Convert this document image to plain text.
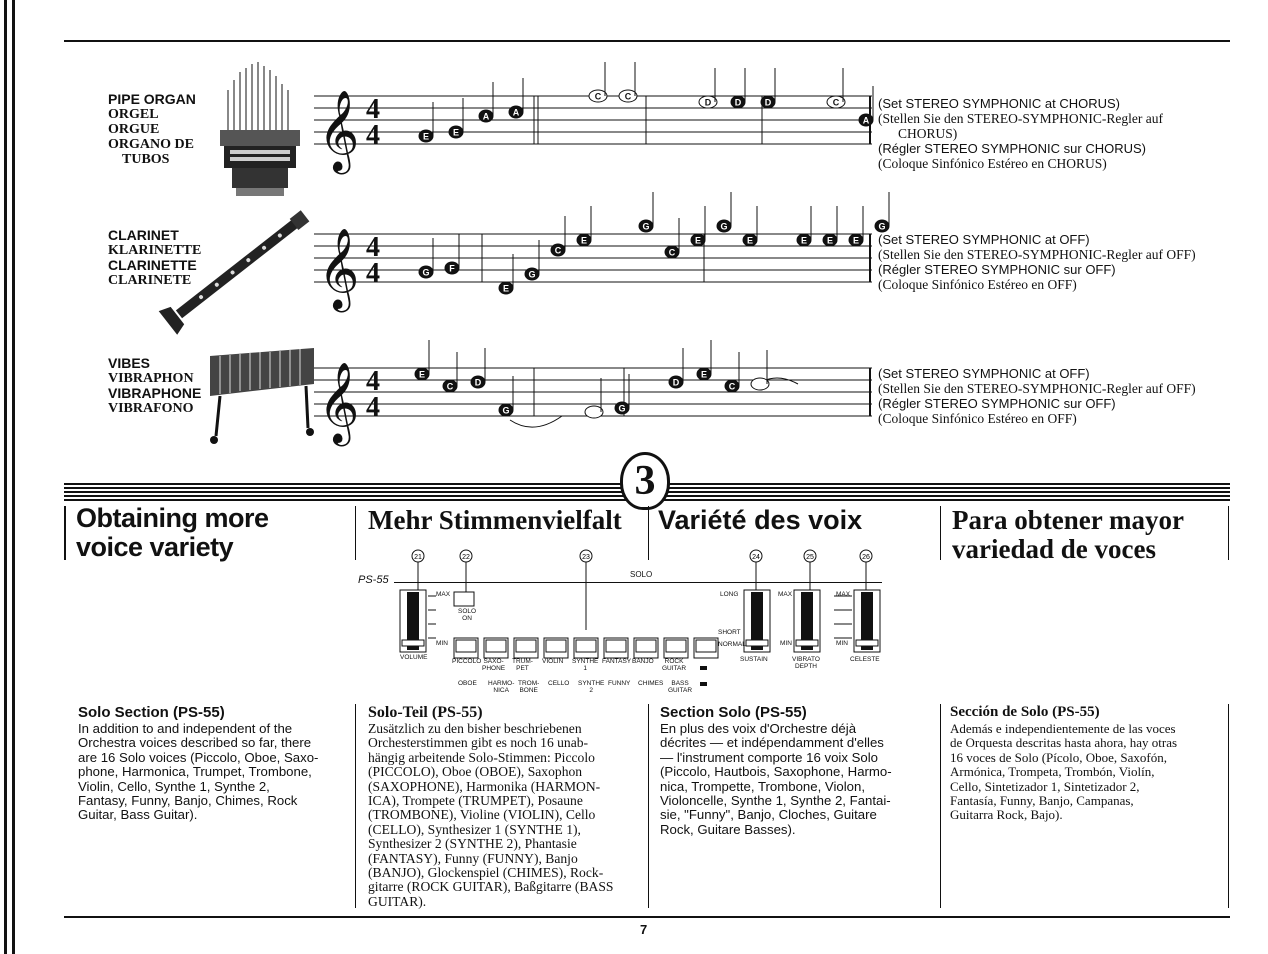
PIPE ORGAN
ORGEL
ORGUE
ORGANO DE
TUBOS	𝄞 4
4	E	E
A	A
C	C
D	D	D	C
A
(Set STEREO SYMPHONIC at CHORUS)
(Stellen Sie den STEREO-SYMPHONIC-Regler auf
CHORUS)
(Régler STEREO SYMPHONIC sur CHORUS)
(Coloque Sinfónico Estéreo en CHORUS)
CLARINET
KLARINETTE
CLARINETTE
CLARINETE 𝄞 4
4	G F
E
G
C
E
G
C
E
G
E	E E E
G
(Set STEREO SYMPHONIC at OFF)
(Stellen Sie den STEREO-SYMPHONIC-Regler auf OFF)
(Régler STEREO SYMPHONIC sur OFF)
(Coloque Sinfónico Estéreo en OFF)
VIBES
VIBRAPHON
VIBRAPHONE
VIBRAFONO 𝄞 4
4
E
C D
G	G
D
E
C
(Set STEREO SYMPHONIC at OFF)
(Stellen Sie den STEREO-SYMPHONIC-Regler auf OFF)
(Régler STEREO SYMPHONIC sur OFF)
(Coloque Sinfónico Estéreo en OFF)
3
Obtaining more
voice variety
Mehr Stimmenvielfalt Variété des voix	Para obtener mayor
variedad de voces
PS-55	SOLO
21	22	23	24	25	26
MAX
MIN
VOLUME
SOLO
ON
LONG
SHORT
NORMAL
MAX
MIN
MAX
MIN
SUSTAIN	VIBRATO
DEPTH
CELESTE
PICCOLO SAXO-
PHONE
TRUM-
PET
VIOLIN SYNTHE
1
FANTASY BANJO	ROCK
GUITAR
OBOE HARMO-
NICA
TROM-
BONE
CELLO SYNTHE
2
FUNNY CHIMES	BASS
GUITAR
Solo Section (PS-55)
In addition to and independent of the
Orchestra voices described so far, there
are 16 Solo voices (Piccolo, Oboe, Saxo-
phone, Harmonica, Trumpet, Trombone,
Violin, Cello, Synthe 1, Synthe 2,
Fantasy, Funny, Banjo, Chimes, Rock
Guitar, Bass Guitar).
Solo-Teil (PS-55)
Zusätzlich zu den bisher beschriebenen
Orchesterstimmen gibt es noch 16 unab-
hängig arbeitende Solo-Stimmen: Piccolo
(PICCOLO), Oboe (OBOE), Saxophon
(SAXOPHONE), Harmonika (HARMON-
ICA), Trompete (TRUMPET), Posaune
(TROMBONE), Violine (VIOLIN), Cello
(CELLO), Synthesizer 1 (SYNTHE 1),
Synthesizer 2 (SYNTHE 2), Phantasie
(FANTASY), Funny (FUNNY), Banjo
(BANJO), Glockenspiel (CHIMES), Rock-
gitarre (ROCK GUITAR), Baßgitarre (BASS
GUITAR).
Section Solo (PS-55)
En plus des voix d'Orchestre déjà
décrites — et indépendamment d'elles
— l'instrument comporte 16 voix Solo
(Piccolo, Hautbois, Saxophone, Harmo-
nica, Trompette, Trombone, Violon,
Violoncelle, Synthe 1, Synthe 2, Fantai-
sie, "Funny", Banjo, Cloches, Guitare
Rock, Guitare Basses).
Sección de Solo (PS-55)
Además e independientemente de las voces
de Orquesta descritas hasta ahora, hay otras
16 voces de Solo (Pícolo, Oboe, Saxofón,
Armónica, Trompeta, Trombón, Violín,
Cello, Sintetizador 1, Sintetizador 2,
Fantasía, Funny, Banjo, Campanas,
Guitarra Rock, Bajo).
7
